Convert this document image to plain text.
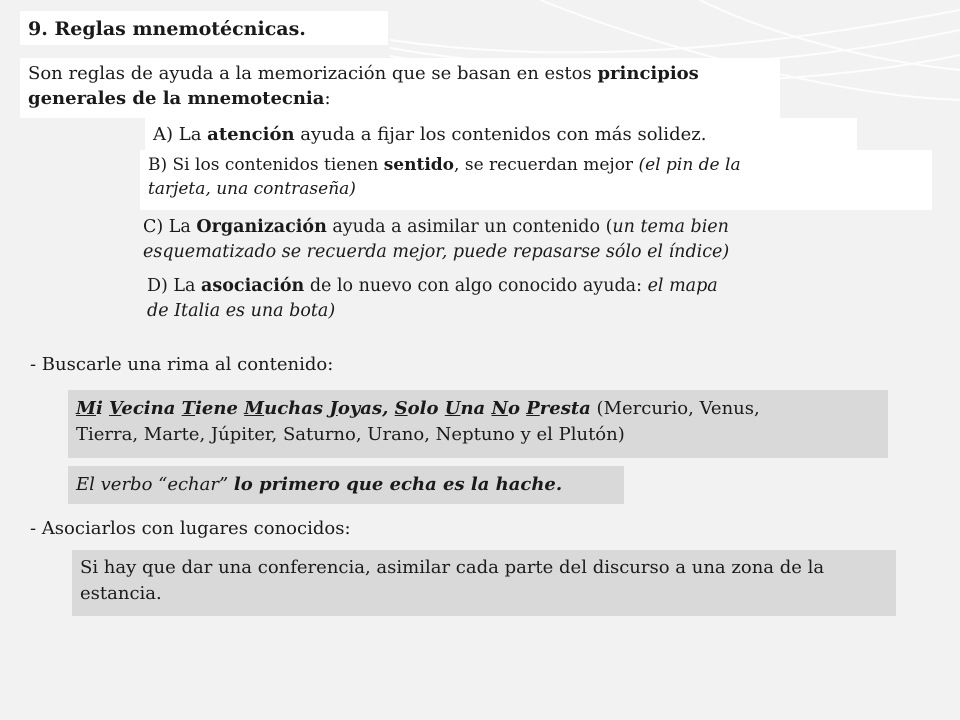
9. Reglas mnemotécnicas.
Son reglas de ayuda a la memorización que se basan en estos principios
generales de la mnemotecnia:
A) La atención ayuda a fijar los contenidos con más solidez.
B) Si los contenidos tienen sentido, se recuerdan mejor (el pin de la
tarjeta, una contraseña)
C) La Organización ayuda a asimilar un contenido (un tema bien
esquematizado se recuerda mejor, puede repasarse sólo el índice)
D) La asociación de lo nuevo con algo conocido ayuda: el mapa
de Italia es una bota)
- Buscarle una rima al contenido:
Mi Vecina Tiene Muchas Joyas, Solo Una No Presta (Mercurio, Venus,
Tierra, Marte, Júpiter, Saturno, Urano, Neptuno y el Plutón)
El verbo “echar” lo primero que echa es la hache.
- Asociarlos con lugares conocidos:
Si hay que dar una conferencia, asimilar cada parte del discurso a una zona de la estancia.
